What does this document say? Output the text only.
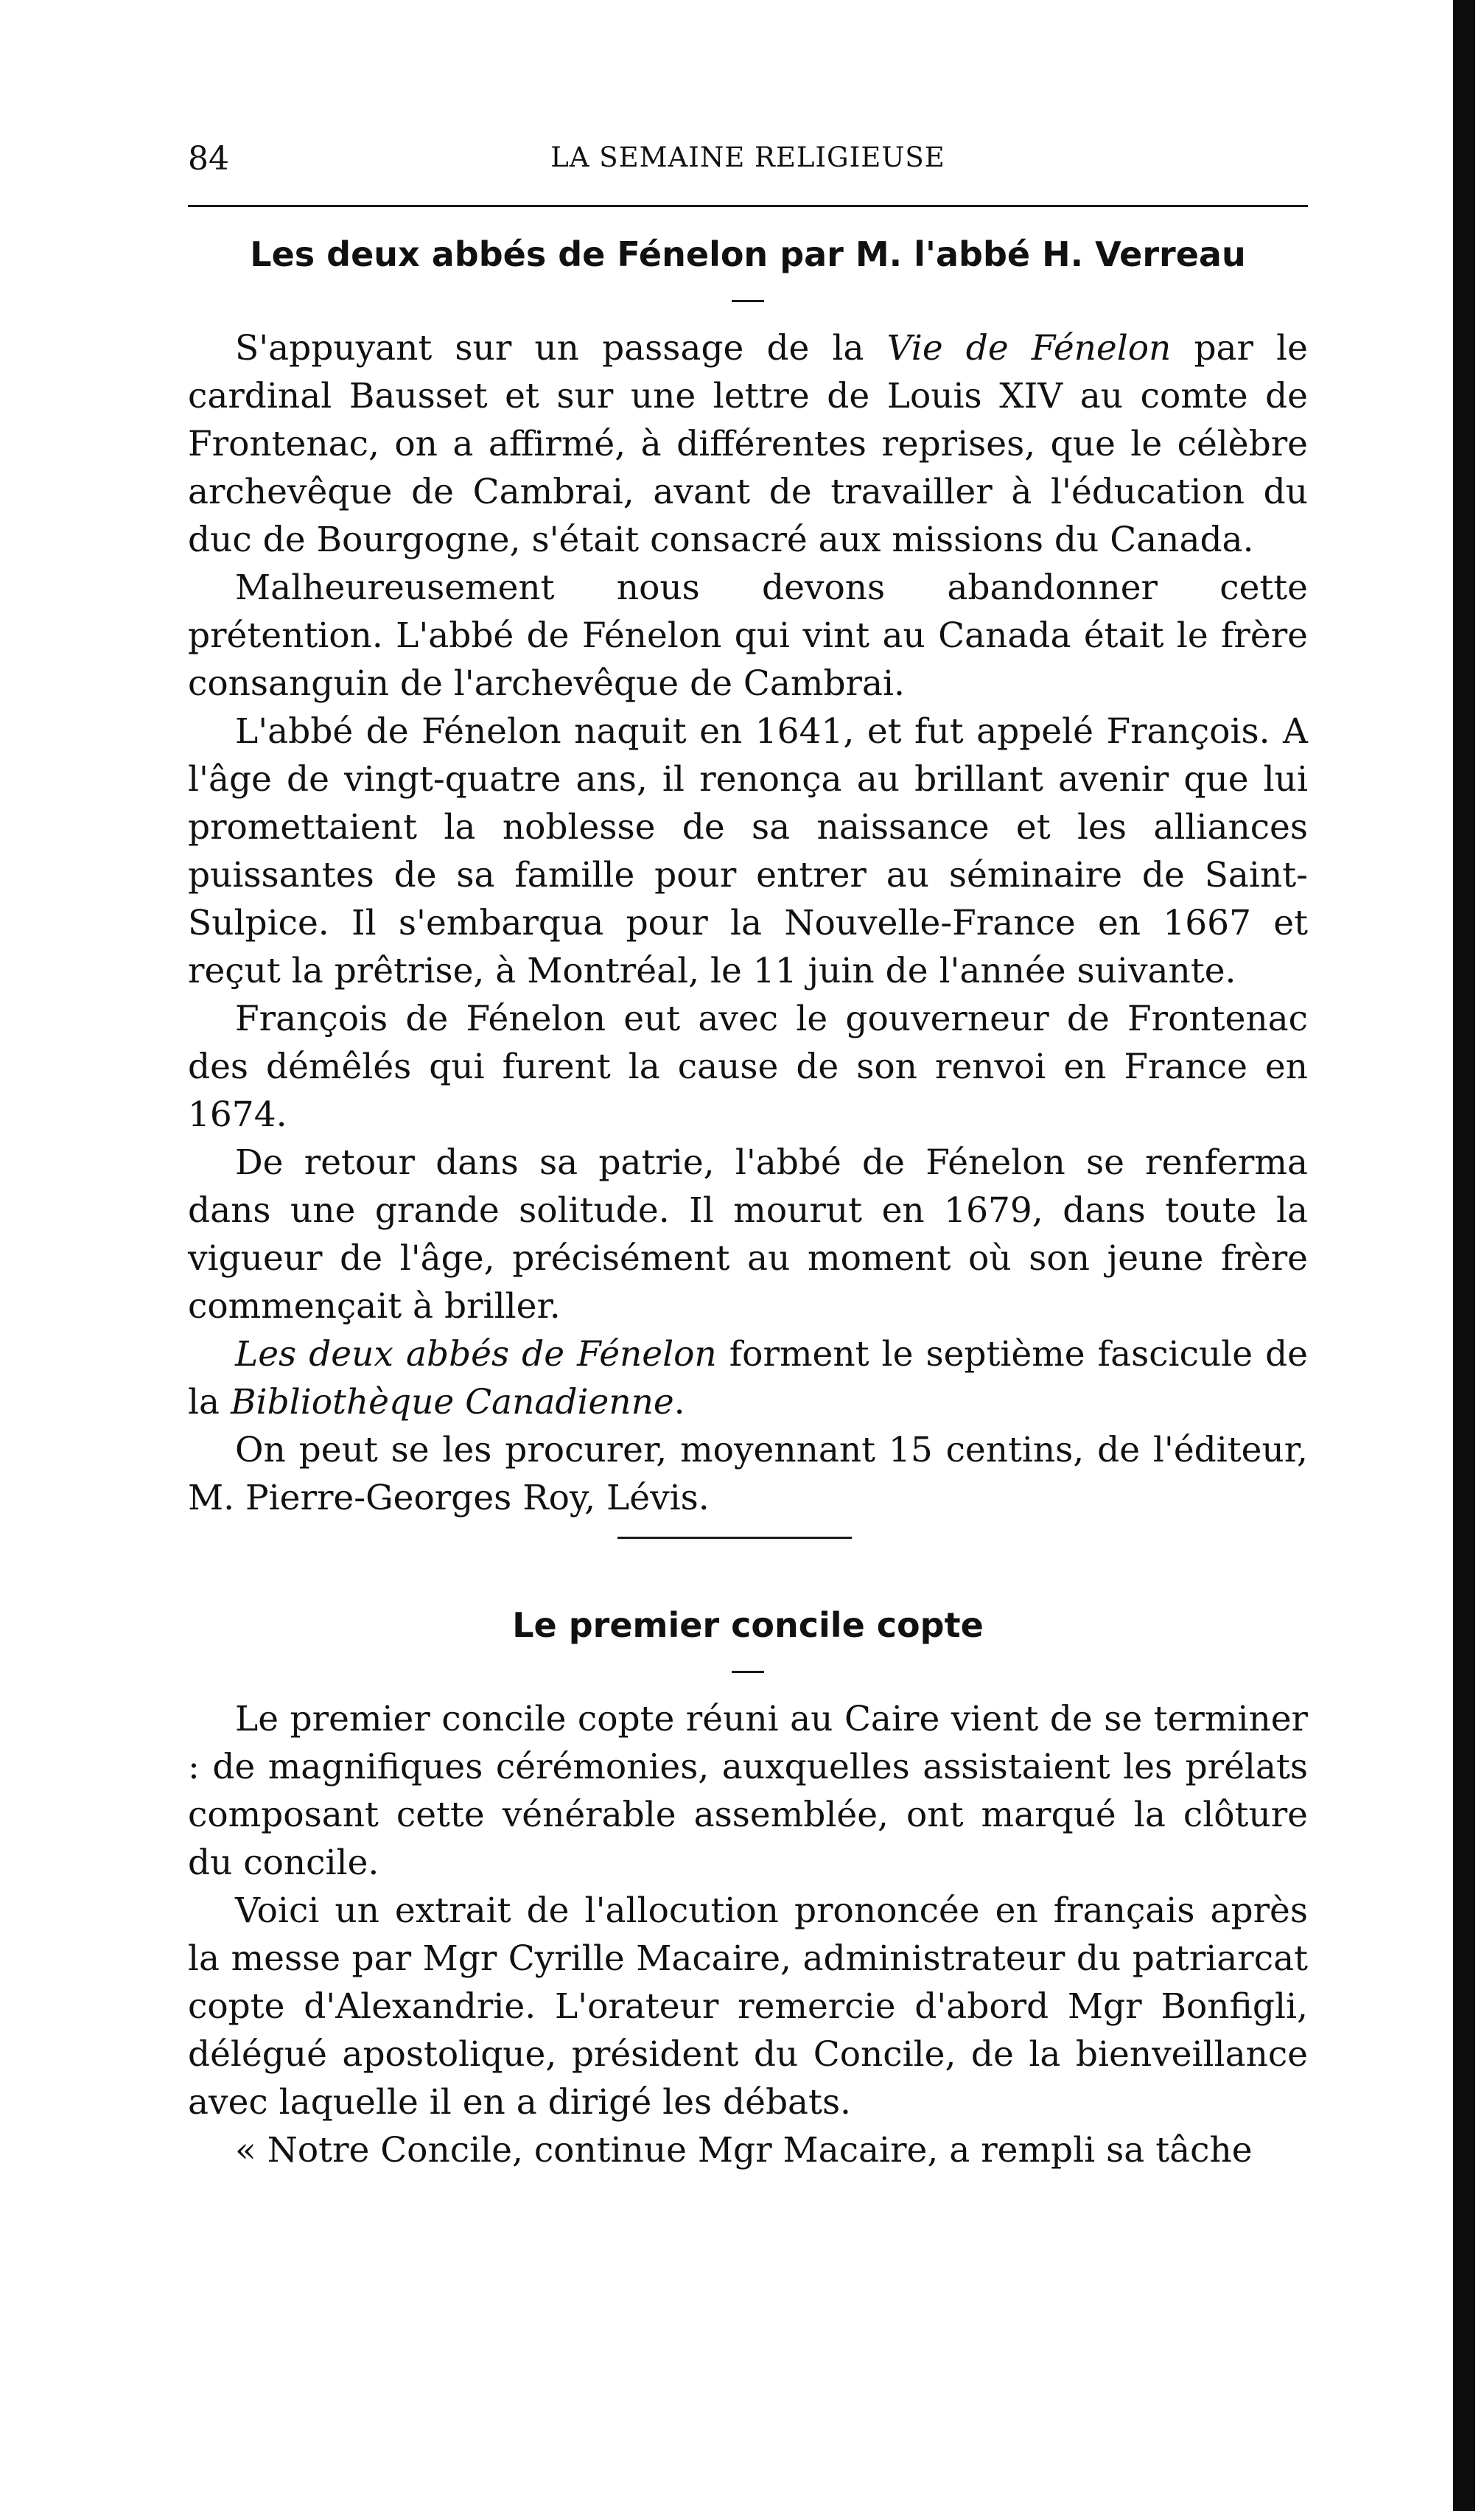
84	LA SEMAINE RELIGIEUSE
Les deux abbés de Fénelon par M. l'abbé H. Verreau

S'appuyant sur un passage de la Vie de Fénelon par le cardinal Bausset et sur une lettre de Louis XIV au comte de Frontenac, on a affirmé, à différentes reprises, que le célèbre archevêque de Cambrai, avant de travailler à l'éducation du duc de Bourgogne, s'était consacré aux missions du Canada.

Malheureusement nous devons abandonner cette prétention. L'abbé de Fénelon qui vint au Canada était le frère consanguin de l'archevêque de Cambrai.

L'abbé de Fénelon naquit en 1641, et fut appelé François. A l'âge de vingt-quatre ans, il renonça au brillant avenir que lui promettaient la noblesse de sa naissance et les alliances puissantes de sa famille pour entrer au séminaire de Saint-Sulpice. Il s'embarqua pour la Nouvelle-France en 1667 et reçut la prêtrise, à Montréal, le 11 juin de l'année suivante.

François de Fénelon eut avec le gouverneur de Frontenac des démêlés qui furent la cause de son renvoi en France en 1674.

De retour dans sa patrie, l'abbé de Fénelon se renferma dans une grande solitude. Il mourut en 1679, dans toute la vigueur de l'âge, précisément au moment où son jeune frère commençait à briller.

Les deux abbés de Fénelon forment le septième fascicule de la Bibliothèque Canadienne.

On peut se les procurer, moyennant 15 centins, de l'éditeur, M. Pierre-Georges Roy, Lévis.

Le premier concile copte

Le premier concile copte réuni au Caire vient de se terminer : de magnifiques cérémonies, auxquelles assistaient les prélats composant cette vénérable assemblée, ont marqué la clôture du concile.

Voici un extrait de l'allocution prononcée en français après la messe par Mgr Cyrille Macaire, administrateur du patriarcat copte d'Alexandrie. L'orateur remercie d'abord Mgr Bonfigli, délégué apostolique, président du Concile, de la bienveillance avec laquelle il en a dirigé les débats.

« Notre Concile, continue Mgr Macaire, a rempli sa tâche
